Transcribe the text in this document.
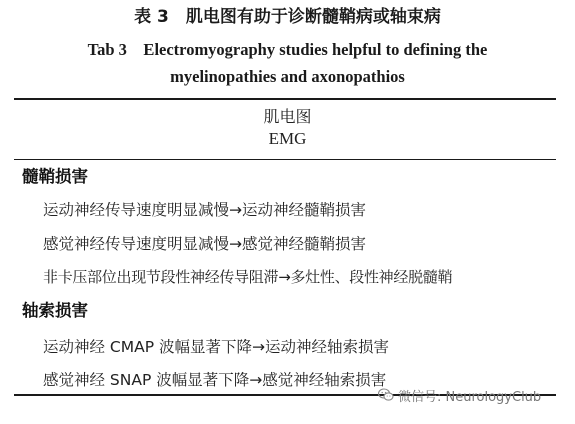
表 3　肌电图有助于诊断髓鞘病或轴束病
Tab 3　Electromyography studies helpful to defining the
myelinopathies and axonopathios
肌电图
EMG
髓鞘损害
运动神经传导速度明显减慢→运动神经髓鞘损害
感觉神经传导速度明显减慢→感觉神经髓鞘损害
非卡压部位出现节段性神经传导阻滞→多灶性、段性神经脱髓鞘
轴索损害
运动神经 CMAP 波幅显著下降→运动神经轴索损害
感觉神经 SNAP 波幅显著下降→感觉神经轴索损害
微信号: NeurologyClub
